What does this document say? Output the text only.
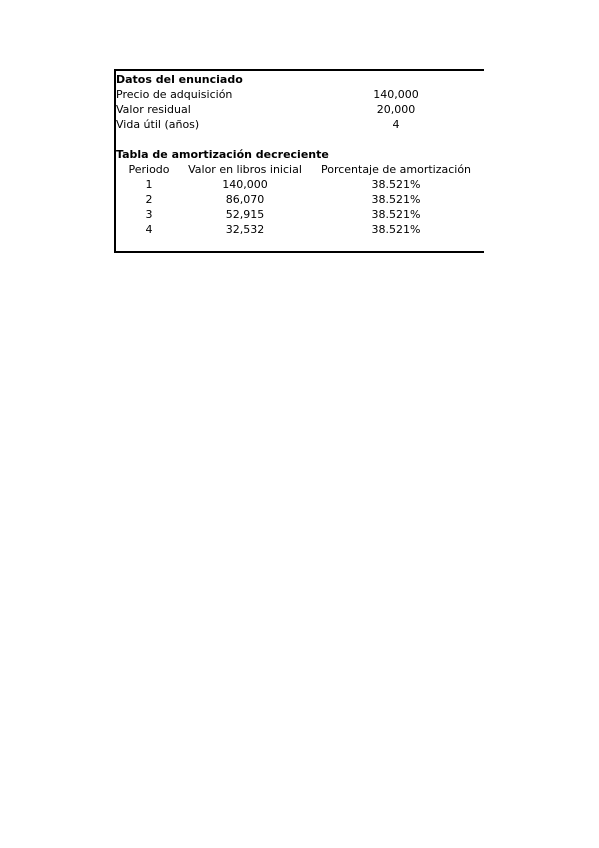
Datos del enunciado
Precio de adquisición	140,000
Valor residual	20,000
Vida útil (años)	4
Tabla de amortización decreciente
Periodo	Valor en libros inicial	Porcentaje de amortización
1	140,000	38.521%
2	86,070	38.521%
3	52,915	38.521%
4	32,532	38.521%
